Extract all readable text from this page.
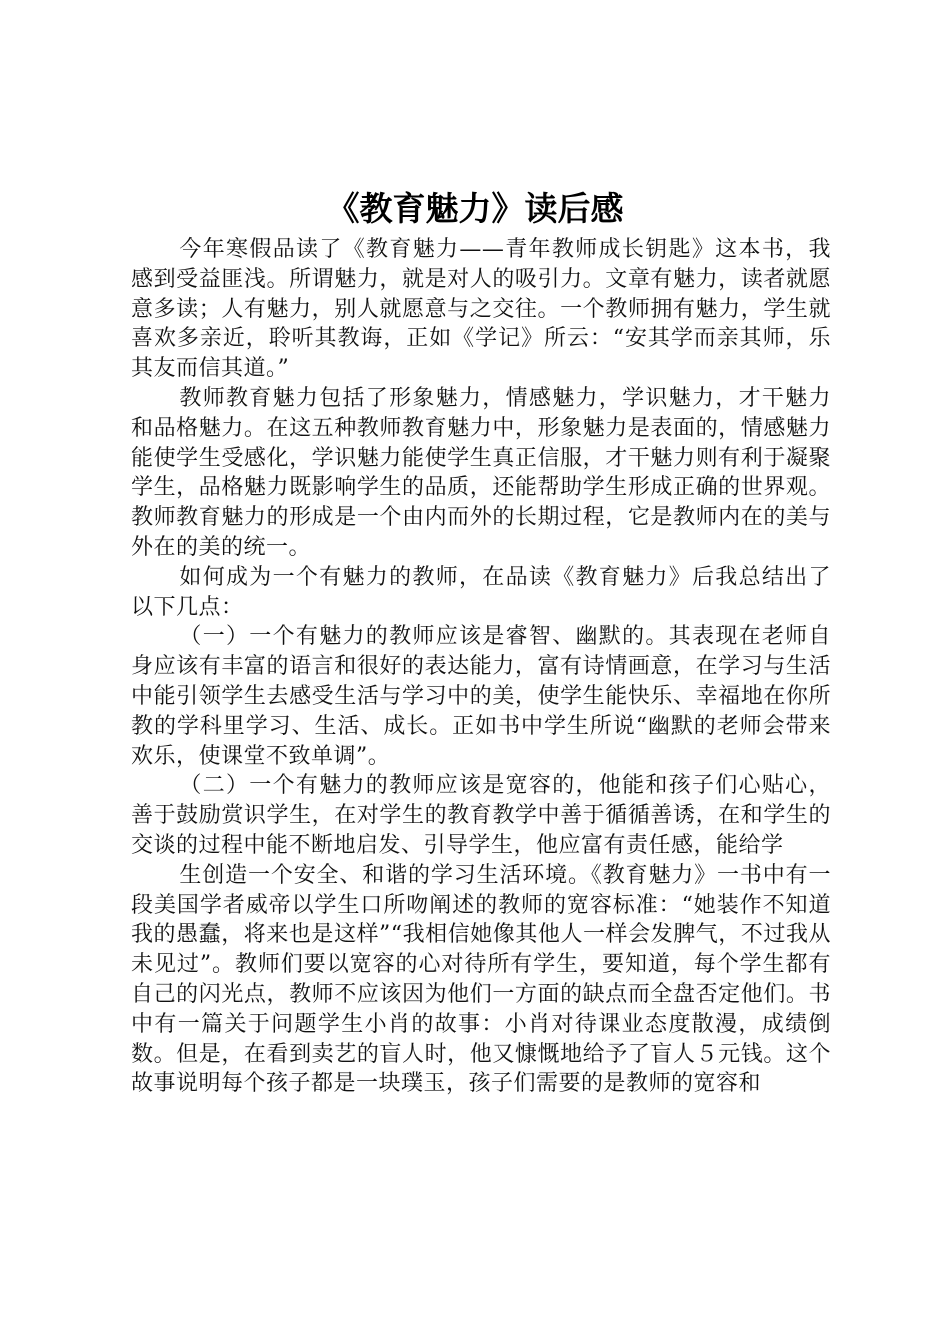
《教育魅力》读后感

今年寒假品读了《教育魅力——青年教师成长钥匙》这本书，我感到受益匪浅。所谓魅力，就是对人的吸引力。文章有魅力，读者就愿意多读；人有魅力，别人就愿意与之交往。一个教师拥有魅力，学生就喜欢多亲近，聆听其教诲，正如《学记》所云：“安其学而亲其师，乐其友而信其道。”

教师教育魅力包括了形象魅力，情感魅力，学识魅力，才干魅力和品格魅力。在这五种教师教育魅力中，形象魅力是表面的，情感魅力能使学生受感化，学识魅力能使学生真正信服，才干魅力则有利于凝聚学生，品格魅力既影响学生的品质，还能帮助学生形成正确的世界观。教师教育魅力的形成是一个由内而外的长期过程，它是教师内在的美与外在的美的统一。

如何成为一个有魅力的教师，在品读《教育魅力》后我总结出了以下几点：

（一）一个有魅力的教师应该是睿智、幽默的。其表现在老师自身应该有丰富的语言和很好的表达能力，富有诗情画意，在学习与生活中能引领学生去感受生活与学习中的美，使学生能快乐、幸福地在你所教的学科里学习、生活、成长。正如书中学生所说“幽默的老师会带来欢乐，使课堂不致单调”。

（二）一个有魅力的教师应该是宽容的，他能和孩子们心贴心，善于鼓励赏识学生，在对学生的教育教学中善于循循善诱，在和学生的交谈的过程中能不断地启发、引导学生，他应富有责任感，能给学

生创造一个安全、和谐的学习生活环境。《教育魅力》一书中有一段美国学者威帝以学生口所吻阐述的教师的宽容标准：“她装作不知道我的愚蠢，将来也是这样”“我相信她像其他人一样会发脾气，不过我从未见过”。教师们要以宽容的心对待所有学生，要知道，每个学生都有自己的闪光点，教师不应该因为他们一方面的缺点而全盘否定他们。书中有一篇关于问题学生小肖的故事：小肖对待课业态度散漫，成绩倒数。但是，在看到卖艺的盲人时，他又慷慨地给予了盲人５元钱。这个故事说明每个孩子都是一块璞玉，孩子们需要的是教师的宽容和
